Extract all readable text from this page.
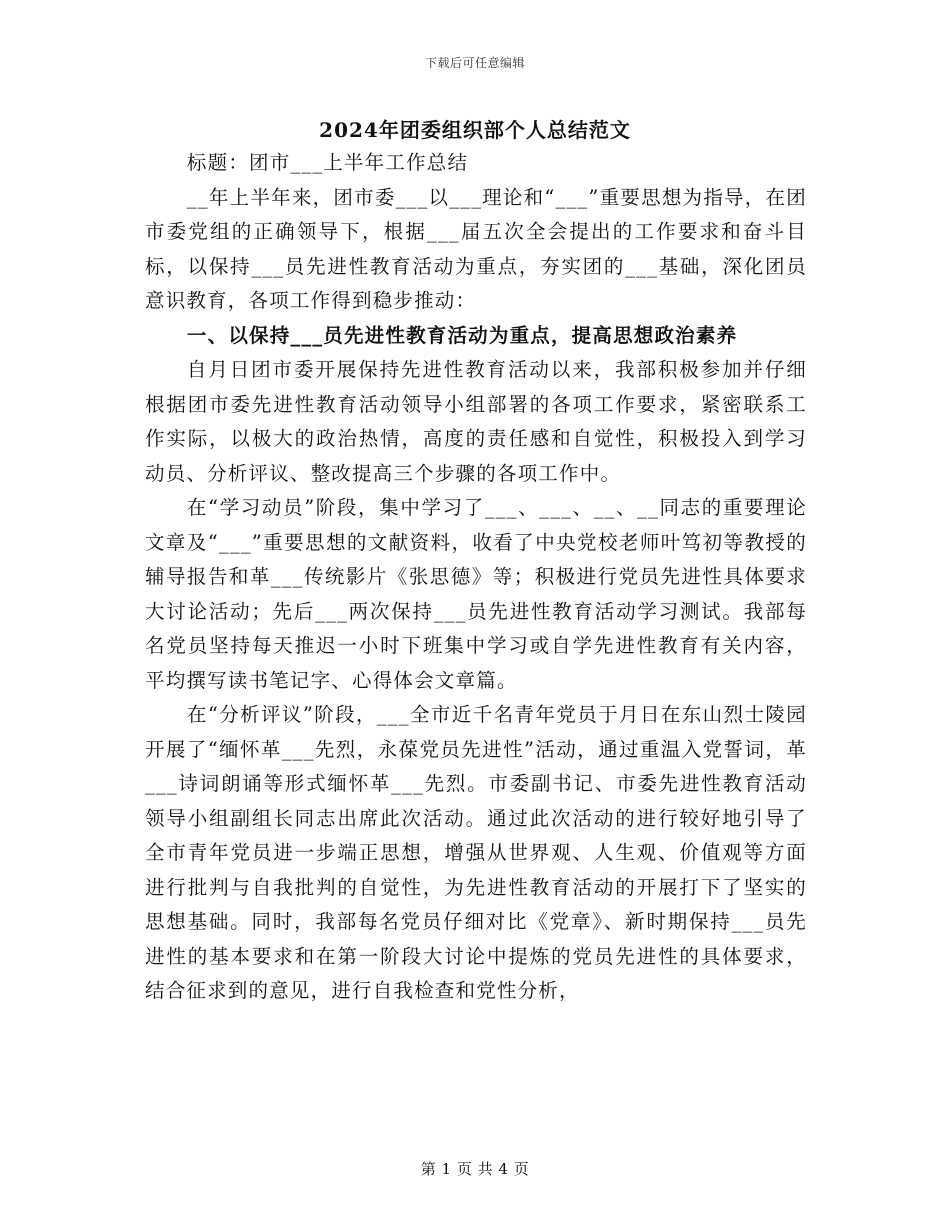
下载后可任意编辑
2024年团委组织部个人总结范文

标题：团市___上半年工作总结

__年上半年来，团市委___以___理论和“___”重要思想为指导，在团市委党组的正确领导下，根据___届五次全会提出的工作要求和奋斗目标，以保持___员先进性教育活动为重点，夯实团的___基础，深化团员意识教育，各项工作得到稳步推动：

一、以保持___员先进性教育活动为重点，提高思想政治素养

自月日团市委开展保持先进性教育活动以来，我部积极参加并仔细根据团市委先进性教育活动领导小组部署的各项工作要求，紧密联系工作实际，以极大的政治热情，高度的责任感和自觉性，积极投入到学习动员、分析评议、整改提高三个步骤的各项工作中。

在“学习动员”阶段，集中学习了___、___、__、__同志的重要理论文章及“___”重要思想的文献资料，收看了中央党校老师叶笃初等教授的辅导报告和革___传统影片《张思德》等；积极进行党员先进性具体要求大讨论活动；先后___两次保持___员先进性教育活动学习测试。我部每名党员坚持每天推迟一小时下班集中学习或自学先进性教育有关内容，平均撰写读书笔记字、心得体会文章篇。

在“分析评议”阶段，___全市近千名青年党员于月日在东山烈士陵园开展了“缅怀革___先烈，永葆党员先进性”活动，通过重温入党誓词，革___诗词朗诵等形式缅怀革___先烈。市委副书记、市委先进性教育活动领导小组副组长同志出席此次活动。通过此次活动的进行较好地引导了全市青年党员进一步端正思想，增强从世界观、人生观、价值观等方面进行批判与自我批判的自觉性，为先进性教育活动的开展打下了坚实的思想基础。同时，我部每名党员仔细对比《党章》、新时期保持___员先进性的基本要求和在第一阶段大讨论中提炼的党员先进性的具体要求，结合征求到的意见，进行自我检查和党性分析，

第 1 页 共 4 页
